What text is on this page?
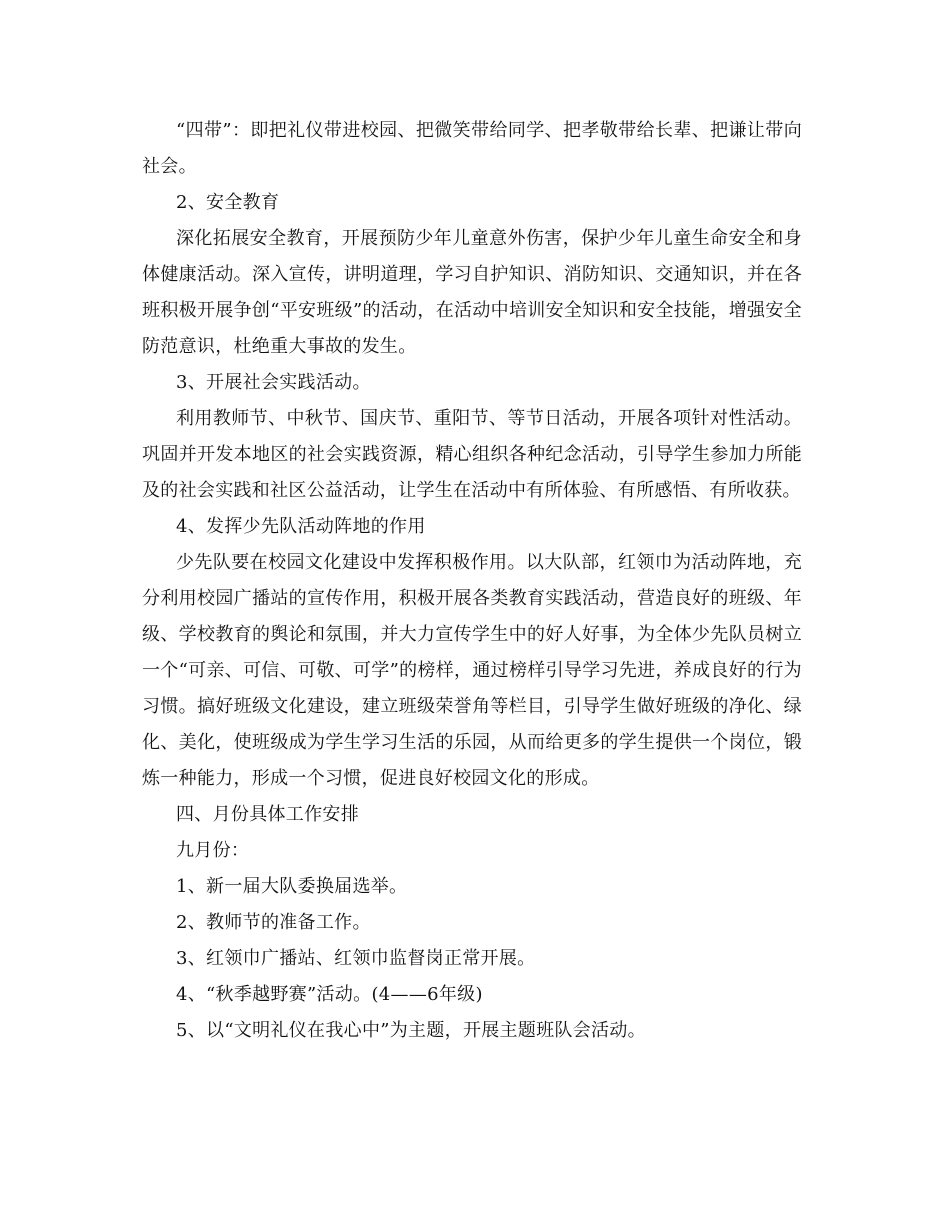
“四带”：即把礼仪带进校园、把微笑带给同学、把孝敬带给长辈、把谦让带向社会。

2、安全教育

深化拓展安全教育，开展预防少年儿童意外伤害，保护少年儿童生命安全和身体健康活动。深入宣传，讲明道理，学习自护知识、消防知识、交通知识，并在各班积极开展争创“平安班级”的活动，在活动中培训安全知识和安全技能，增强安全防范意识，杜绝重大事故的发生。

3、开展社会实践活动。

利用教师节、中秋节、国庆节、重阳节、等节日活动，开展各项针对性活动。巩固并开发本地区的社会实践资源，精心组织各种纪念活动，引导学生参加力所能及的社会实践和社区公益活动，让学生在活动中有所体验、有所感悟、有所收获。

4、发挥少先队活动阵地的作用

少先队要在校园文化建设中发挥积极作用。以大队部，红领巾为活动阵地，充分利用校园广播站的宣传作用，积极开展各类教育实践活动，营造良好的班级、年级、学校教育的舆论和氛围，并大力宣传学生中的好人好事，为全体少先队员树立一个“可亲、可信、可敬、可学”的榜样，通过榜样引导学习先进，养成良好的行为习惯。搞好班级文化建设，建立班级荣誉角等栏目，引导学生做好班级的净化、绿化、美化，使班级成为学生学习生活的乐园，从而给更多的学生提供一个岗位，锻炼一种能力，形成一个习惯，促进良好校园文化的形成。

四、月份具体工作安排

九月份：

1、新一届大队委换届选举。

2、教师节的准备工作。

3、红领巾广播站、红领巾监督岗正常开展。

4、“秋季越野赛”活动。(4——6年级)

5、以“文明礼仪在我心中”为主题，开展主题班队会活动。
